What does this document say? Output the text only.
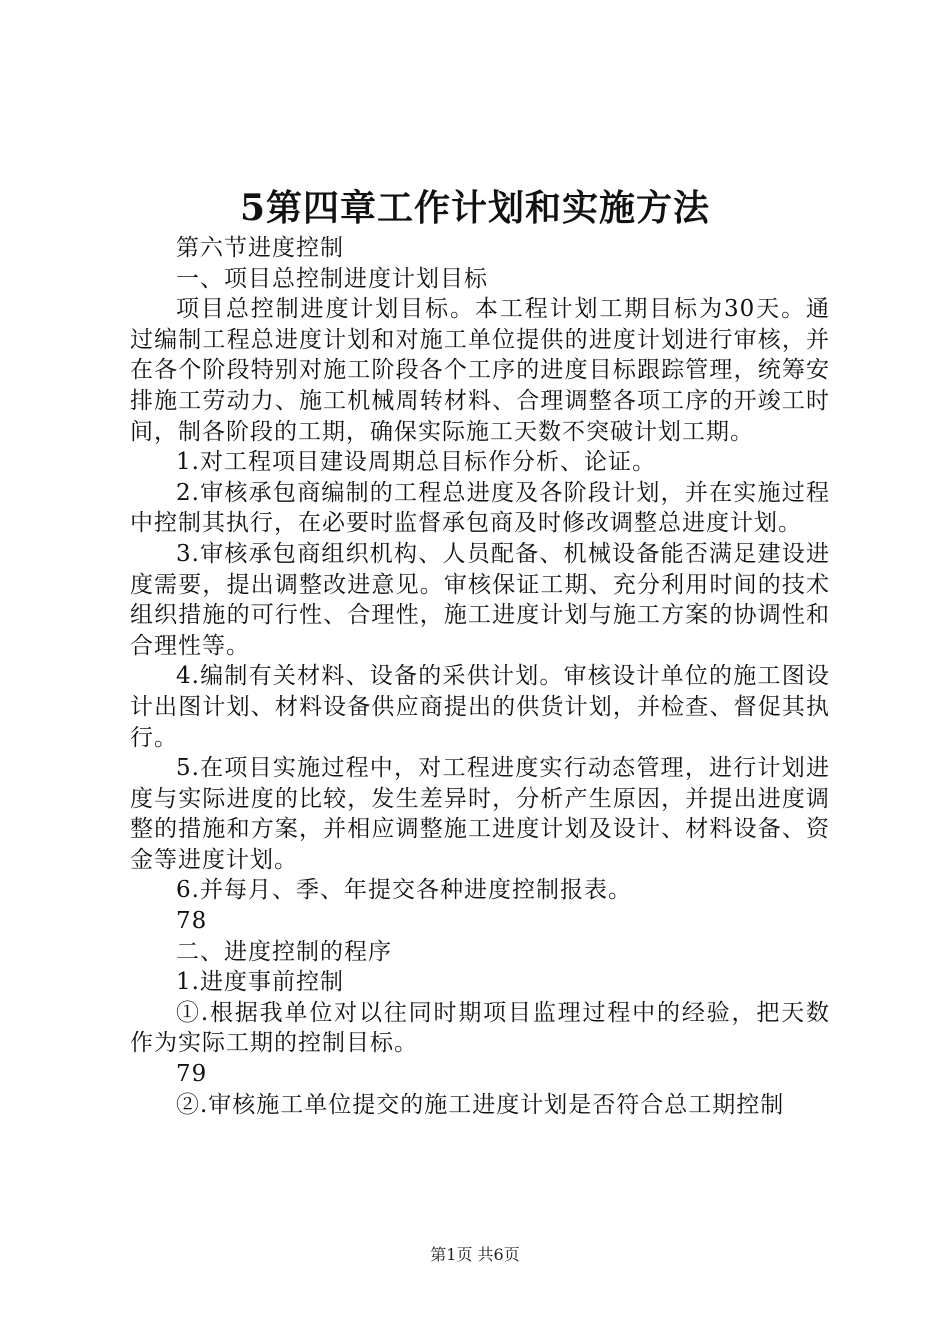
5第四章工作计划和实施方法

第六节进度控制

一、项目总控制进度计划目标

项目总控制进度计划目标。本工程计划工期目标为30天。通过编制工程总进度计划和对施工单位提供的进度计划进行审核，并在各个阶段特别对施工阶段各个工序的进度目标跟踪管理，统筹安排施工劳动力、施工机械周转材料、合理调整各项工序的开竣工时间，制各阶段的工期，确保实际施工天数不突破计划工期。

1.对工程项目建设周期总目标作分析、论证。

2.审核承包商编制的工程总进度及各阶段计划，并在实施过程中控制其执行，在必要时监督承包商及时修改调整总进度计划。

3.审核承包商组织机构、人员配备、机械设备能否满足建设进度需要，提出调整改进意见。审核保证工期、充分利用时间的技术组织措施的可行性、合理性，施工进度计划与施工方案的协调性和合理性等。

4.编制有关材料、设备的采供计划。审核设计单位的施工图设计出图计划、材料设备供应商提出的供货计划，并检查、督促其执行。

5.在项目实施过程中，对工程进度实行动态管理，进行计划进度与实际进度的比较，发生差异时，分析产生原因，并提出进度调整的措施和方案，并相应调整施工进度计划及设计、材料设备、资金等进度计划。

6.并每月、季、年提交各种进度控制报表。

78

二、进度控制的程序

1.进度事前控制

①.根据我单位对以往同时期项目监理过程中的经验，把天数作为实际工期的控制目标。

79

②.审核施工单位提交的施工进度计划是否符合总工期控制

第1页 共6页
